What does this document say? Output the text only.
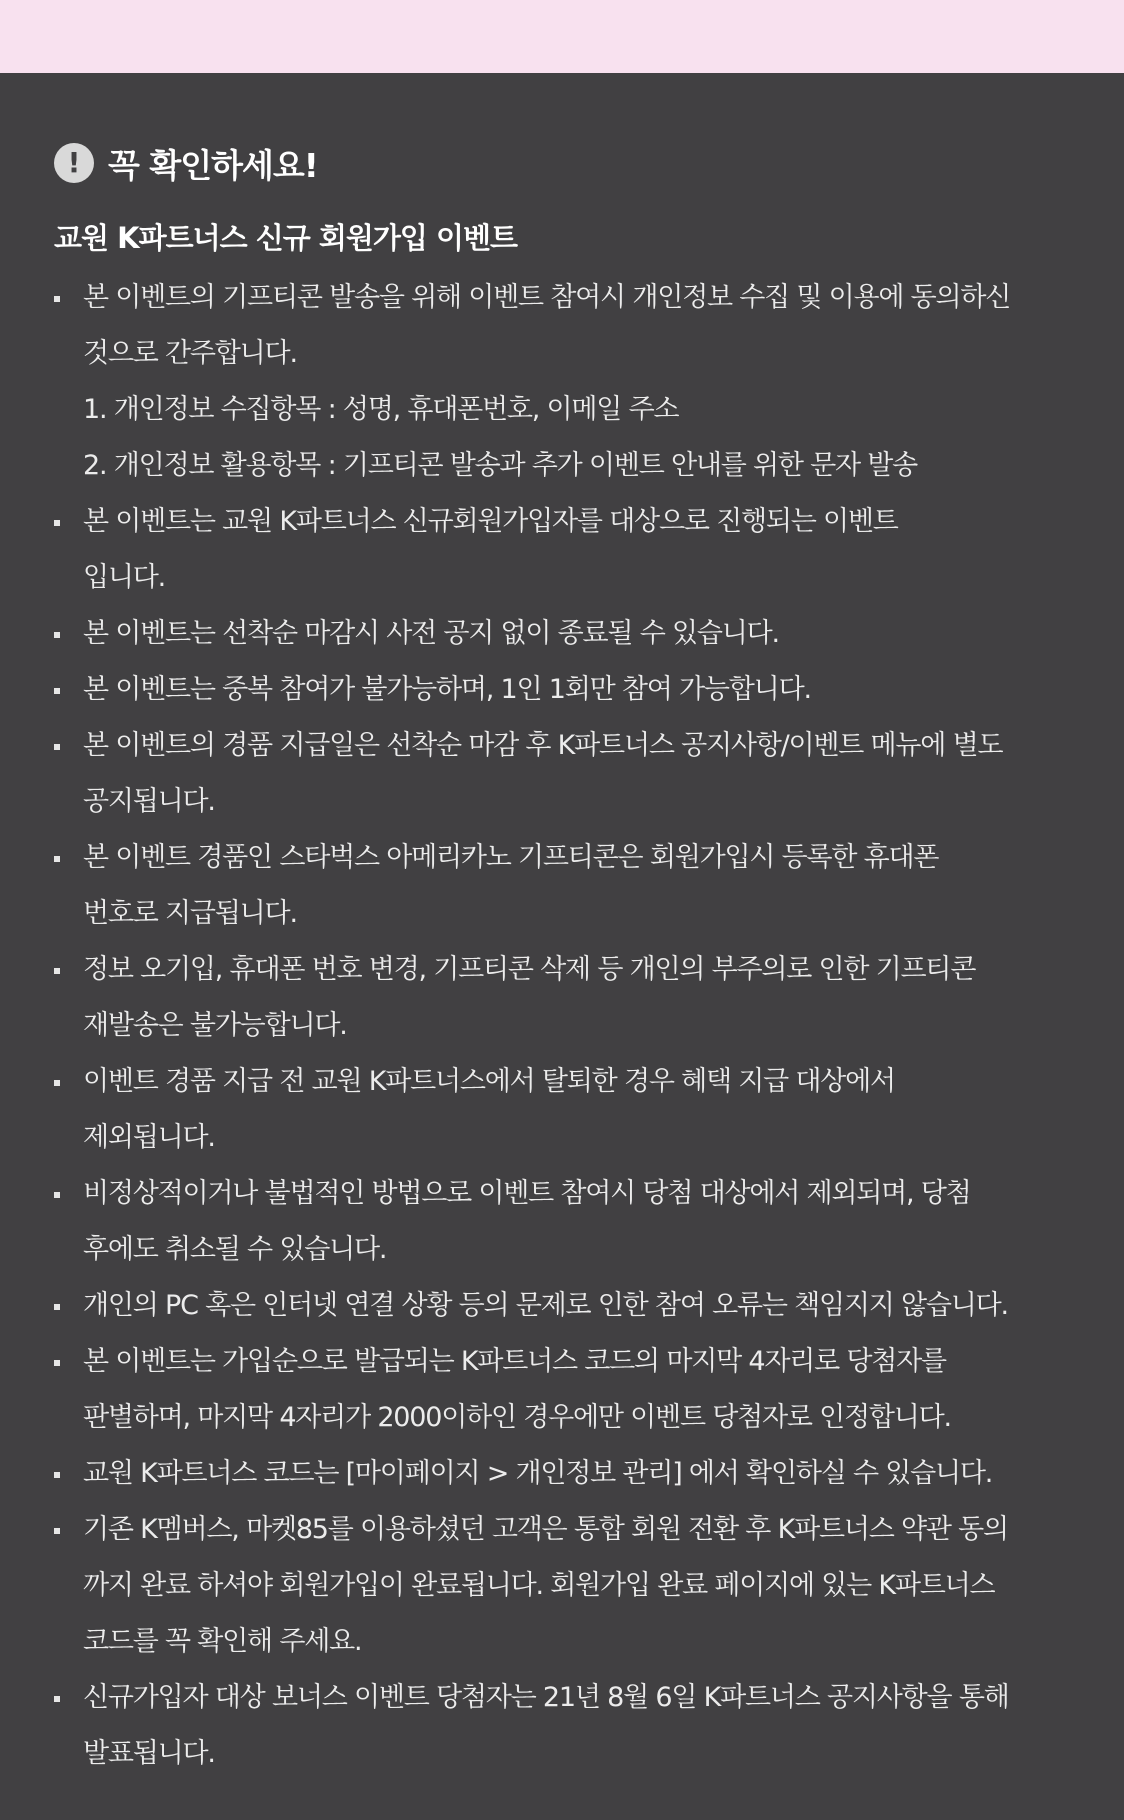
! 꼭 확인하세요!
교원 K파트너스 신규 회원가입 이벤트
본 이벤트의 기프티콘 발송을 위해 이벤트 참여시 개인정보 수집 및 이용에 동의하신
것으로 간주합니다.
1. 개인정보 수집항목 : 성명, 휴대폰번호, 이메일 주소
2. 개인정보 활용항목 : 기프티콘 발송과 추가 이벤트 안내를 위한 문자 발송
본 이벤트는 교원 K파트너스 신규회원가입자를 대상으로 진행되는 이벤트
입니다.
본 이벤트는 선착순 마감시 사전 공지 없이 종료될 수 있습니다.
본 이벤트는 중복 참여가 불가능하며, 1인 1회만 참여 가능합니다.
본 이벤트의 경품 지급일은 선착순 마감 후 K파트너스 공지사항/이벤트 메뉴에 별도
공지됩니다.
본 이벤트 경품인 스타벅스 아메리카노 기프티콘은 회원가입시 등록한 휴대폰
번호로 지급됩니다.
정보 오기입, 휴대폰 번호 변경, 기프티콘 삭제 등 개인의 부주의로 인한 기프티콘
재발송은 불가능합니다.
이벤트 경품 지급 전 교원 K파트너스에서 탈퇴한 경우 혜택 지급 대상에서
제외됩니다.
비정상적이거나 불법적인 방법으로 이벤트 참여시 당첨 대상에서 제외되며, 당첨
후에도 취소될 수 있습니다.
개인의 PC 혹은 인터넷 연결 상황 등의 문제로 인한 참여 오류는 책임지지 않습니다.
본 이벤트는 가입순으로 발급되는 K파트너스 코드의 마지막 4자리로 당첨자를
판별하며, 마지막 4자리가 2000이하인 경우에만 이벤트 당첨자로 인정합니다.
교원 K파트너스 코드는 [마이페이지 > 개인정보 관리] 에서 확인하실 수 있습니다.
기존 K멤버스, 마켓85를 이용하셨던 고객은 통합 회원 전환 후 K파트너스 약관 동의
까지 완료 하셔야 회원가입이 완료됩니다. 회원가입 완료 페이지에 있는 K파트너스
코드를 꼭 확인해 주세요.
신규가입자 대상 보너스 이벤트 당첨자는 21년 8월 6일 K파트너스 공지사항을 통해
발표됩니다.
